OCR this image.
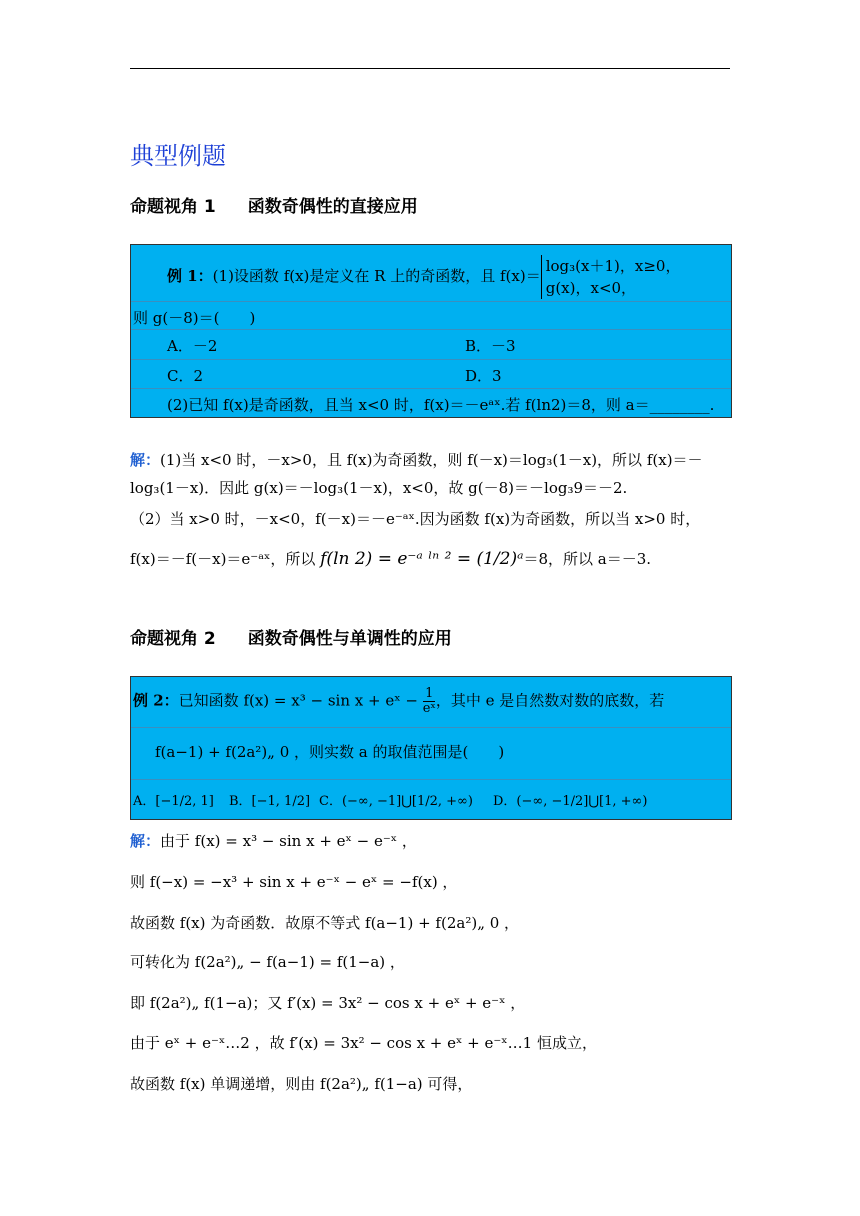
典型例题
命题视角 1 函数奇偶性的直接应用
例 1：(1)设函数 f(x)是定义在 R 上的奇函数，且 f(x)＝
log₃(x＋1)，x≥0，
g(x)，x<0，
则 g(－8)＝(　　)
A．－2	B．－3
C．2	D．3
(2)已知 f(x)是奇函数，且当 x<0 时，f(x)＝－eᵃˣ.若 f(ln2)＝8，则 a＝________.
解：(1)当 x<0 时，－x>0，且 f(x)为奇函数，则 f(－x)＝log₃(1－x)，所以 f(x)＝－
log₃(1－x)．因此 g(x)＝－log₃(1－x)，x<0，故 g(－8)＝－log₃9＝－2.
（2）当 x>0 时，－x<0，f(－x)＝－e⁻ᵃˣ.因为函数 f(x)为奇函数，所以当 x>0 时，
f(x)＝－f(－x)＝e⁻ᵃˣ，所以 f(ln 2) = e⁻ᵃ ˡⁿ ² = (1/2)ᵃ＝8，所以 a＝－3.
命题视角 2 函数奇偶性与单调性的应用
例 2：已知函数 f(x) = x³ − sin x + eˣ − $\frac{1}{\text{eˣ}}$ ，其中 e 是自然数对数的底数，若
f(a−1) + f(2a²)„ 0 ，则实数 a 的取值范围是(　　)
A．[−1/2, 1] B．[−1, 1/2] C．(−∞, −1]⋃[1/2, +∞) D．(−∞, −1/2]⋃[1, +∞)
解：由于 f(x) = x³ − sin x + eˣ − e⁻ˣ ，
则 f(−x) = −x³ + sin x + e⁻ˣ − eˣ = −f(x) ，
故函数 f(x) 为奇函数．故原不等式 f(a−1) + f(2a²)„ 0 ，
可转化为 f(2a²)„ − f(a−1) = f(1−a) ，
即 f(2a²)„ f(1−a)；又 f′(x) = 3x² − cos x + eˣ + e⁻ˣ ，
由于 eˣ + e⁻ˣ…2 ，故 f′(x) = 3x² − cos x + eˣ + e⁻ˣ…1 恒成立，
故函数 f(x) 单调递增，则由 f(2a²)„ f(1−a) 可得，
